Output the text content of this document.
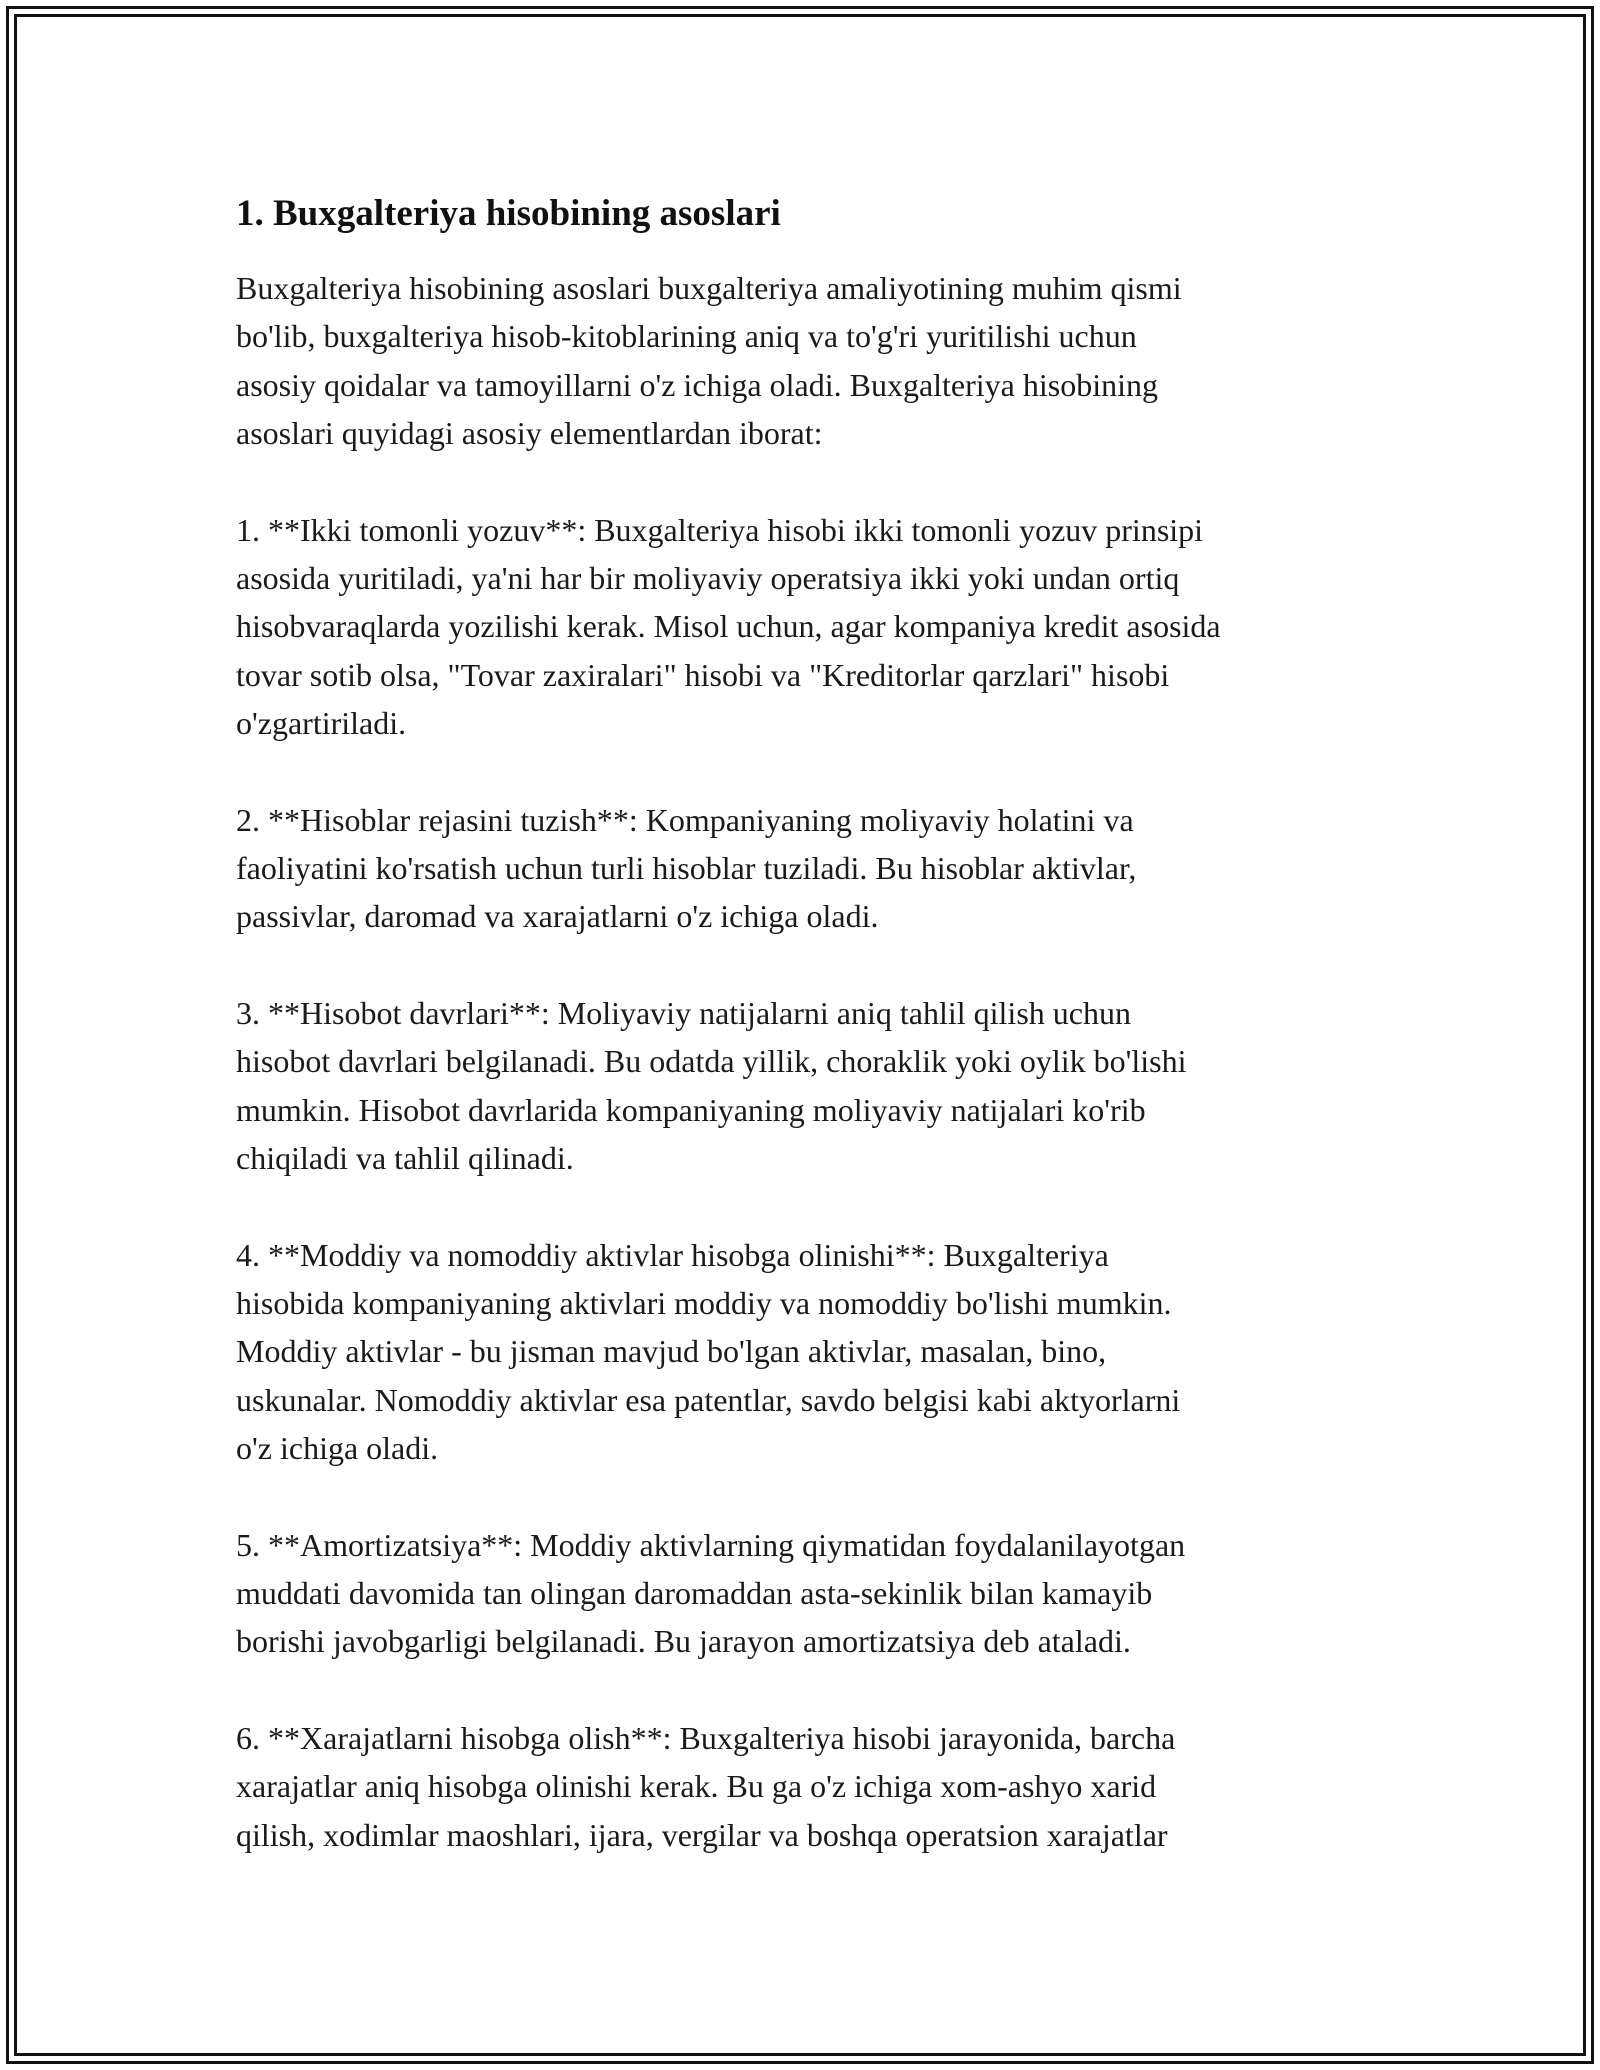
1. Buxgalteriya hisobining asoslari

Buxgalteriya hisobining asoslari buxgalteriya amaliyotining muhim qismi
bo'lib, buxgalteriya hisob-kitoblarining aniq va to'g'ri yuritilishi uchun
asosiy qoidalar va tamoyillarni o'z ichiga oladi. Buxgalteriya hisobining
asoslari quyidagi asosiy elementlardan iborat:

1. **Ikki tomonli yozuv**: Buxgalteriya hisobi ikki tomonli yozuv prinsipi
asosida yuritiladi, ya'ni har bir moliyaviy operatsiya ikki yoki undan ortiq
hisobvaraqlarda yozilishi kerak. Misol uchun, agar kompaniya kredit asosida
tovar sotib olsa, "Tovar zaxiralari" hisobi va "Kreditorlar qarzlari" hisobi
o'zgartiriladi.

2. **Hisoblar rejasini tuzish**: Kompaniyaning moliyaviy holatini va
faoliyatini ko'rsatish uchun turli hisoblar tuziladi. Bu hisoblar aktivlar,
passivlar, daromad va xarajatlarni o'z ichiga oladi.

3. **Hisobot davrlari**: Moliyaviy natijalarni aniq tahlil qilish uchun
hisobot davrlari belgilanadi. Bu odatda yillik, choraklik yoki oylik bo'lishi
mumkin. Hisobot davrlarida kompaniyaning moliyaviy natijalari ko'rib
chiqiladi va tahlil qilinadi.

4. **Moddiy va nomoddiy aktivlar hisobga olinishi**: Buxgalteriya
hisobida kompaniyaning aktivlari moddiy va nomoddiy bo'lishi mumkin.
Moddiy aktivlar - bu jisman mavjud bo'lgan aktivlar, masalan, bino,
uskunalar. Nomoddiy aktivlar esa patentlar, savdo belgisi kabi aktyorlarni
o'z ichiga oladi.

5. **Amortizatsiya**: Moddiy aktivlarning qiymatidan foydalanilayotgan
muddati davomida tan olingan daromaddan asta-sekinlik bilan kamayib
borishi javobgarligi belgilanadi. Bu jarayon amortizatsiya deb ataladi.

6. **Xarajatlarni hisobga olish**: Buxgalteriya hisobi jarayonida, barcha
xarajatlar aniq hisobga olinishi kerak. Bu ga o'z ichiga xom-ashyo xarid
qilish, xodimlar maoshlari, ijara, vergilar va boshqa operatsion xarajatlar
